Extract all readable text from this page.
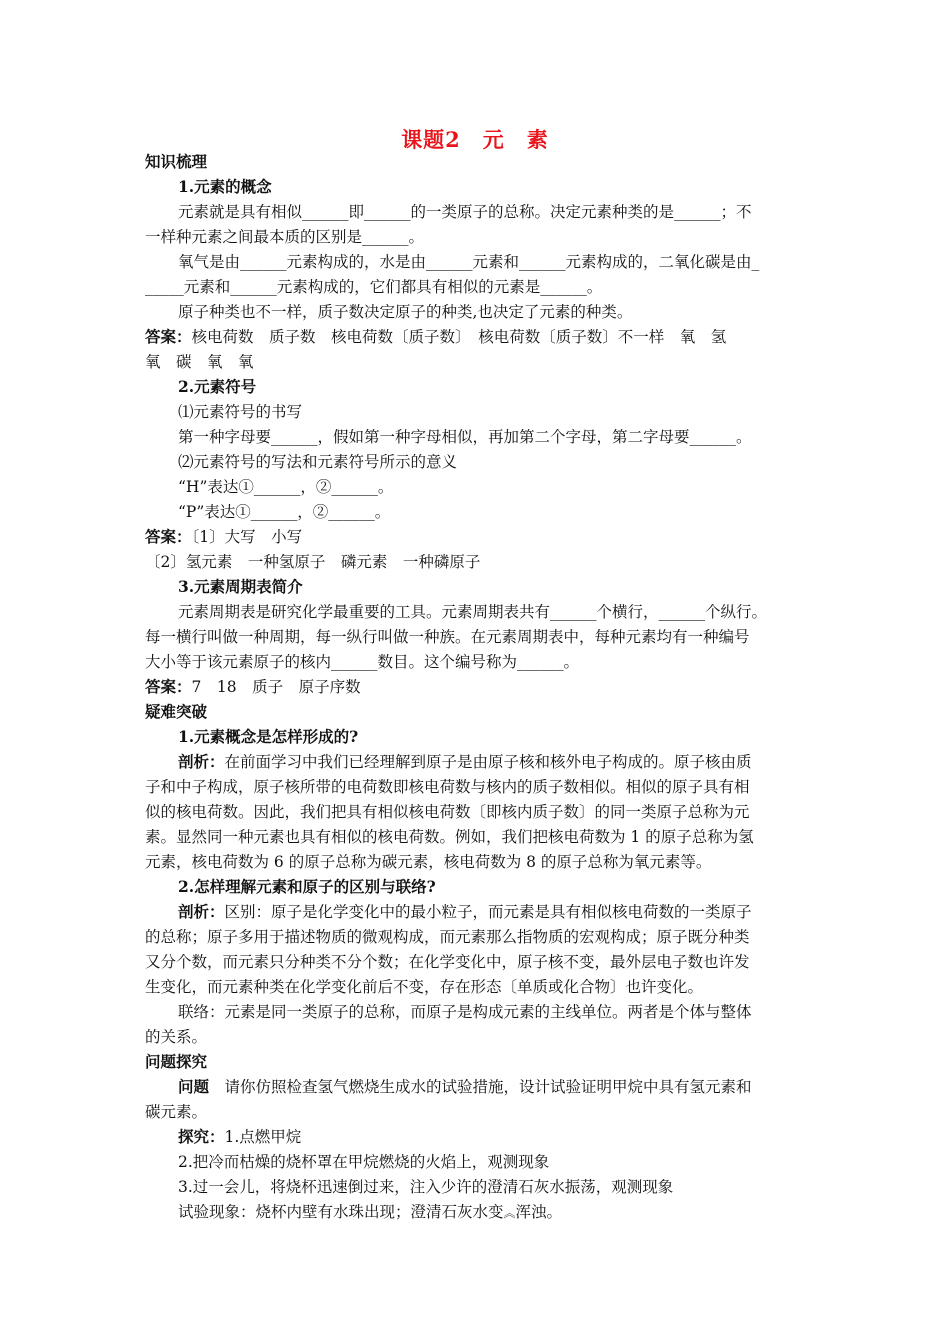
课题2　元　素
知识梳理
1.元素的概念
元素就是具有相似______即______的一类原子的总称。决定元素种类的是______；不
一样种元素之间最本质的区别是______。
氧气是由______元素构成的，水是由______元素和______元素构成的，二氧化碳是由_
_____元素和______元素构成的，它们都具有相似的元素是______。
原子种类也不一样，质子数决定原子的种类,也决定了元素的种类。
答案：核电荷数　质子数　核电荷数〔质子数〕　核电荷数〔质子数〕不一样　氧　氢
氧　碳　氧　氧
2.元素符号
⑴元素符号的书写
第一种字母要______，假如第一种字母相似，再加第二个字母，第二字母要______。
⑵元素符号的写法和元素符号所示的意义
“H”表达①______，②______。
“P”表达①______，②______。
答案：〔1〕大写　小写
〔2〕氢元素　一种氢原子　磷元素　一种磷原子
3.元素周期表简介
元素周期表是研究化学最重要的工具。元素周期表共有______个横行，______个纵行。
每一横行叫做一种周期，每一纵行叫做一种族。在元素周期表中，每种元素均有一种编号
大小等于该元素原子的核内______数目。这个编号称为______。
答案：7　18　质子　原子序数
疑难突破
1.元素概念是怎样形成的?
剖析：在前面学习中我们已经理解到原子是由原子核和核外电子构成的。原子核由质
子和中子构成，原子核所带的电荷数即核电荷数与核内的质子数相似。相似的原子具有相
似的核电荷数。因此，我们把具有相似核电荷数〔即核内质子数〕的同一类原子总称为元
素。显然同一种元素也具有相似的核电荷数。例如，我们把核电荷数为 1 的原子总称为氢
元素，核电荷数为 6 的原子总称为碳元素，核电荷数为 8 的原子总称为氧元素等。
2.怎样理解元素和原子的区别与联络?
剖析：区别：原子是化学变化中的最小粒子，而元素是具有相似核电荷数的一类原子
的总称；原子多用于描述物质的微观构成，而元素那么指物质的宏观构成；原子既分种类
又分个数，而元素只分种类不分个数；在化学变化中，原子核不变，最外层电子数也许发
生变化，而元素种类在化学变化前后不变，存在形态〔单质或化合物〕也许变化。
联络：元素是同一类原子的总称，而原子是构成元素的主线单位。两者是个体与整体
的关系。
问题探究
问题　请你仿照检查氢气燃烧生成水的试验措施，设计试验证明甲烷中具有氢元素和
碳元素。
探究：1.点燃甲烷
2.把冷而枯燥的烧杯罩在甲烷燃烧的火焰上，观测现象
3.过一会儿，将烧杯迅速倒过来，注入少许的澄清石灰水振荡，观测现象
试验现象：烧杯内壁有水珠出现；澄清石灰水变︽浑浊。
